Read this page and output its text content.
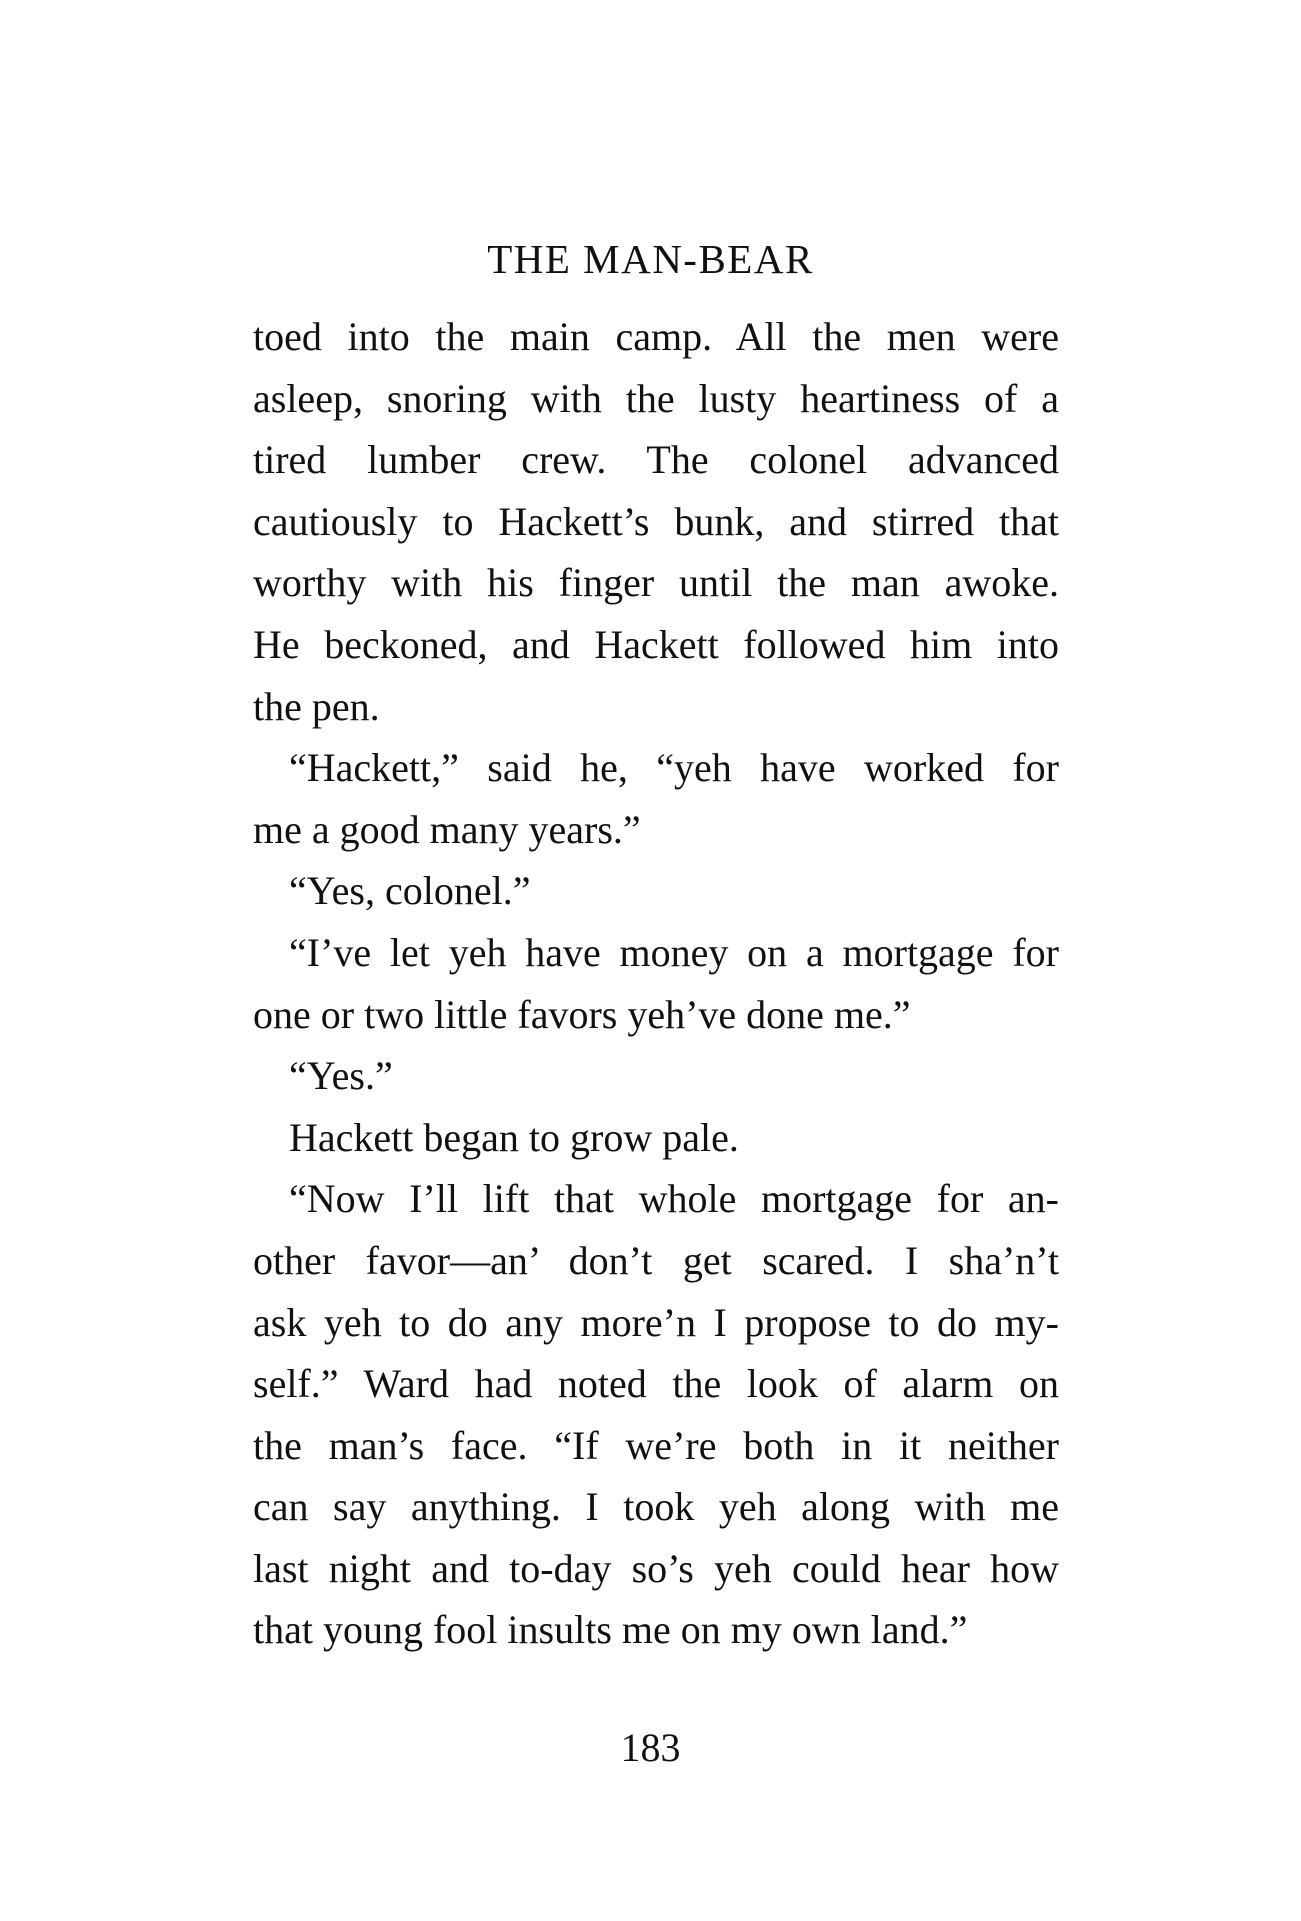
THE MAN-BEAR
toed into the main camp. All the men were
asleep, snoring with the lusty heartiness of a
tired lumber crew. The colonel advanced
cautiously to Hackett’s bunk, and stirred that
worthy with his finger until the man awoke.
He beckoned, and Hackett followed him into
the pen.
“Hackett,” said he, “yeh have worked for
me a good many years.”
“Yes, colonel.”
“I’ve let yeh have money on a mortgage for
one or two little favors yeh’ve done me.”
“Yes.”
Hackett began to grow pale.
“Now I’ll lift that whole mortgage for an-
other favor—an’ don’t get scared. I sha’n’t
ask yeh to do any more’n I propose to do my-
self.” Ward had noted the look of alarm on
the man’s face. “If we’re both in it neither
can say anything. I took yeh along with me
last night and to-day so’s yeh could hear how
that young fool insults me on my own land.”
183
